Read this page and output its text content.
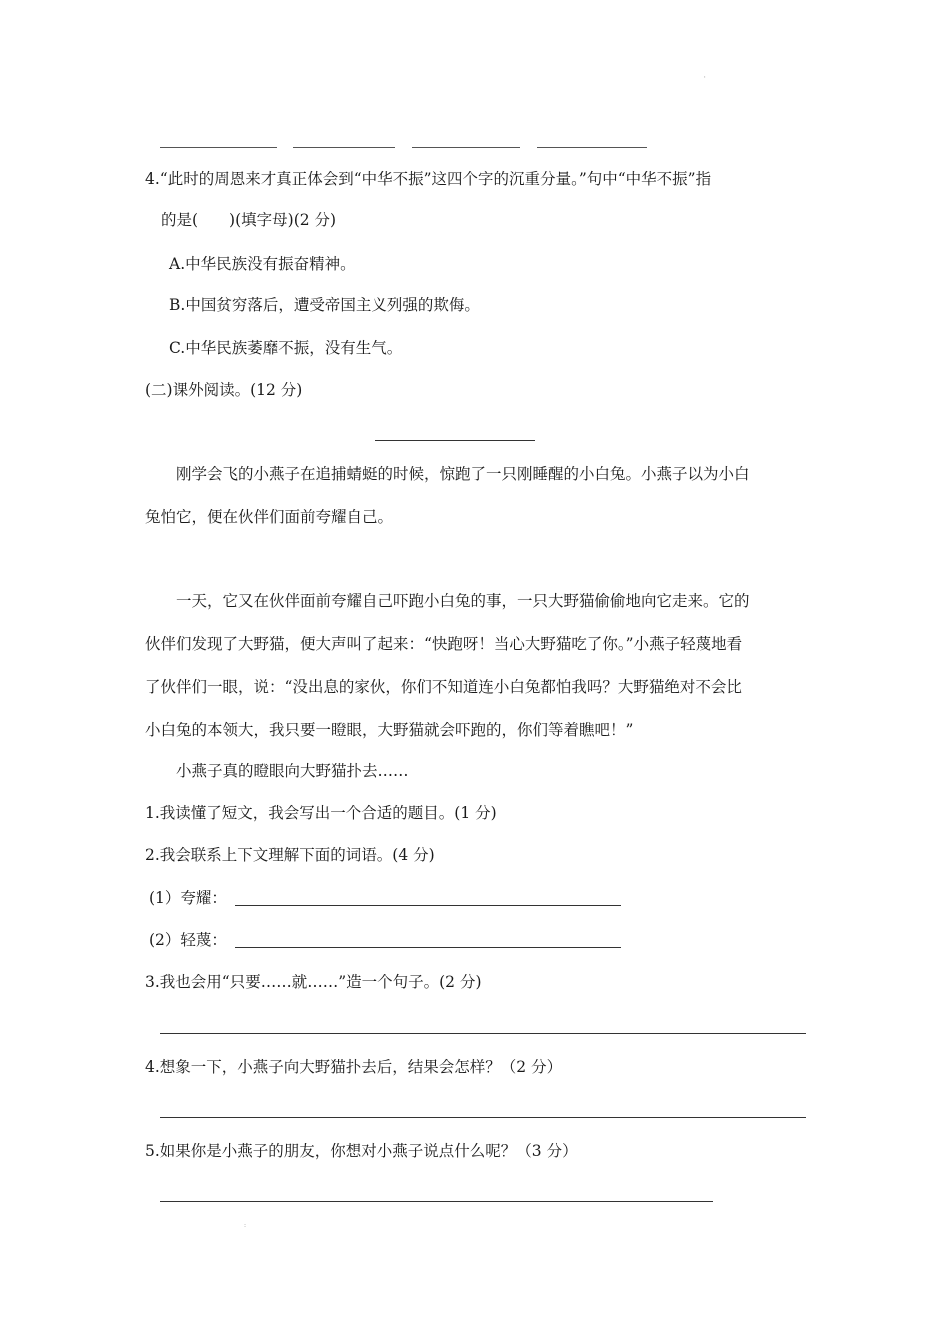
'
4.“此时的周恩来才真正体会到“中华不振”这四个字的沉重分量。”句中“中华不振”指
的是(　　)(填字母)(2 分)
A.中华民族没有振奋精神。
B.中国贫穷落后，遭受帝国主义列强的欺侮。
C.中华民族萎靡不振，没有生气。
(二)课外阅读。(12 分)
刚学会飞的小燕子在追捕蜻蜓的时候，惊跑了一只刚睡醒的小白兔。小燕子以为小白
兔怕它，便在伙伴们面前夸耀自己。
一天，它又在伙伴面前夸耀自己吓跑小白兔的事，一只大野猫偷偷地向它走来。它的
伙伴们发现了大野猫，便大声叫了起来：“快跑呀！当心大野猫吃了你。”小燕子轻蔑地看
了伙伴们一眼，说：“没出息的家伙，你们不知道连小白兔都怕我吗？大野猫绝对不会比
小白兔的本领大，我只要一瞪眼，大野猫就会吓跑的，你们等着瞧吧！”
小燕子真的瞪眼向大野猫扑去……
1.我读懂了短文，我会写出一个合适的题目。(1 分)
2.我会联系上下文理解下面的词语。(4 分)
(1）夸耀：
(2）轻蔑：
3.我也会用“只要……就……”造一个句子。(2 分)
4.想象一下，小燕子向大野猫扑去后，结果会怎样？（2 分）
5.如果你是小燕子的朋友，你想对小燕子说点什么呢？（3 分）
:
